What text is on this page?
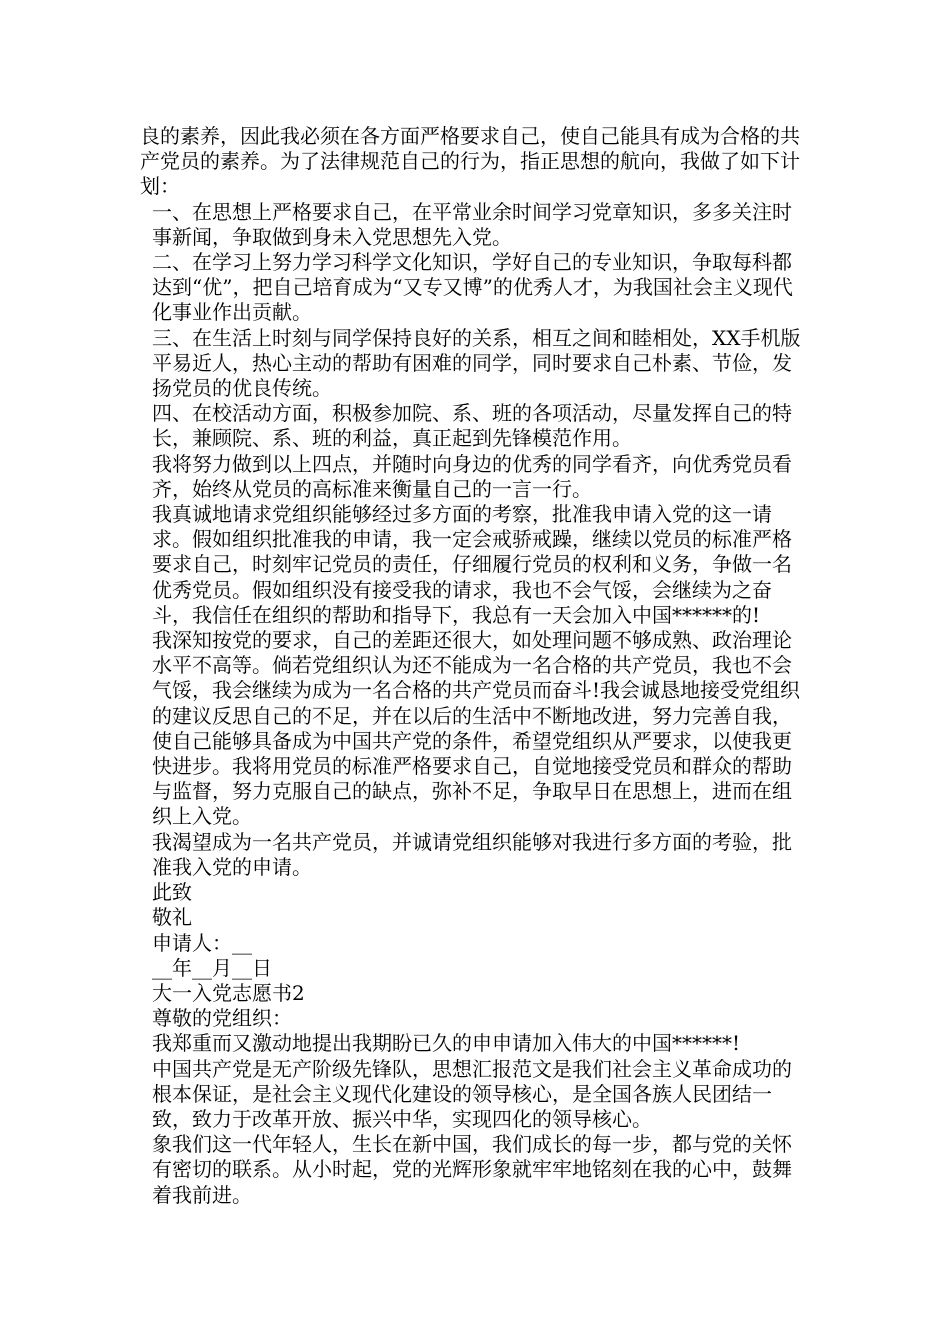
良的素养，因此我必须在各方面严格要求自己，使自己能具有成为合格的共产党员的素养。为了法律规范自己的行为，指正思想的航向，我做了如下计划：

一、在思想上严格要求自己，在平常业余时间学习党章知识，多多关注时事新闻，争取做到身未入党思想先入党。

二、在学习上努力学习科学文化知识，学好自己的专业知识，争取每科都达到“优”，把自己培育成为“又专又博”的优秀人才，为我国社会主义现代化事业作出贡献。

三、在生活上时刻与同学保持良好的关系，相互之间和睦相处，XX手机版平易近人，热心主动的帮助有困难的同学，同时要求自己朴素、节俭，发扬党员的优良传统。

四、在校活动方面，积极参加院、系、班的各项活动，尽量发挥自己的特长，兼顾院、系、班的利益，真正起到先锋模范作用。

我将努力做到以上四点，并随时向身边的优秀的同学看齐，向优秀党员看齐，始终从党员的高标准来衡量自己的一言一行。

我真诚地请求党组织能够经过多方面的考察，批准我申请入党的这一请求。假如组织批准我的申请，我一定会戒骄戒躁，继续以党员的标准严格要求自己，时刻牢记党员的责任，仔细履行党员的权利和义务，争做一名优秀党员。假如组织没有接受我的请求，我也不会气馁，会继续为之奋斗，我信任在组织的帮助和指导下，我总有一天会加入中国******的!

我深知按党的要求，自己的差距还很大，如处理问题不够成熟、政治理论水平不高等。倘若党组织认为还不能成为一名合格的共产党员，我也不会气馁，我会继续为成为一名合格的共产党员而奋斗!我会诚恳地接受党组织的建议反思自己的不足，并在以后的生活中不断地改进，努力完善自我，使自己能够具备成为中国共产党的条件，希望党组织从严要求，以使我更快进步。我将用党员的标准严格要求自己，自觉地接受党员和群众的帮助与监督，努力克服自己的缺点，弥补不足，争取早日在思想上，进而在组织上入党。

我渴望成为一名共产党员，并诚请党组织能够对我进行多方面的考验，批准我入党的申请。

此致

敬礼

申请人：__

__年__月__日

大一入党志愿书2

尊敬的党组织：

我郑重而又激动地提出我期盼已久的申申请加入伟大的中国******!

中国共产党是无产阶级先锋队，思想汇报范文是我们社会主义革命成功的根本保证，是社会主义现代化建设的领导核心，是全国各族人民团结一致，致力于改革开放、振兴中华，实现四化的领导核心。

象我们这一代年轻人，生长在新中国，我们成长的每一步，都与党的关怀有密切的联系。从小时起，党的光辉形象就牢牢地铭刻在我的心中，鼓舞着我前进。
